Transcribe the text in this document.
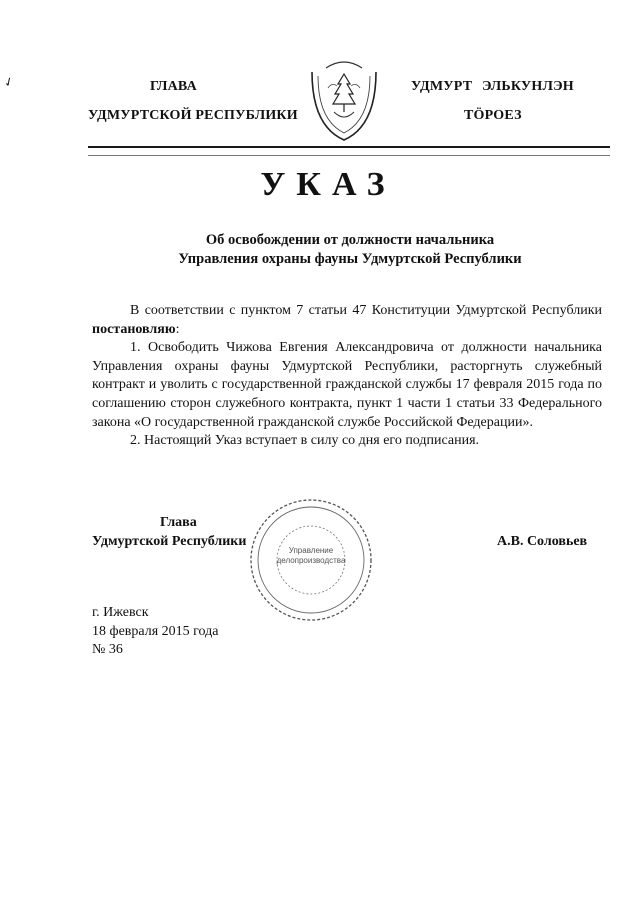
✓	ГЛАВА
УДМУРТСКОЙ РЕСПУБЛИКИ
УДМУРТ ЭЛЬКУНЛЭН
ТӦРОЕЗ
УКАЗ
Об освобождении от должности начальника
Управления охраны фауны Удмуртской Республики

В соответствии с пунктом 7 статьи 47 Конституции Удмуртской Республики постановляю:

1. Освободить Чижова Евгения Александровича от должности начальника Управления охраны фауны Удмуртской Республики, расторгнуть служебный контракт и уволить с государственной гражданской службы 17 февраля 2015 года по соглашению сторон служебного контракта, пункт 1 части 1 статьи 33 Федерального закона «О государственной гражданской службе Российской Федерации».

2. Настоящий Указ вступает в силу со дня его подписания.

Глава
Удмуртской Республики	А.В. Соловьев
Управление
делопроизводства
г. Ижевск
18 февраля 2015 года
№ 36
